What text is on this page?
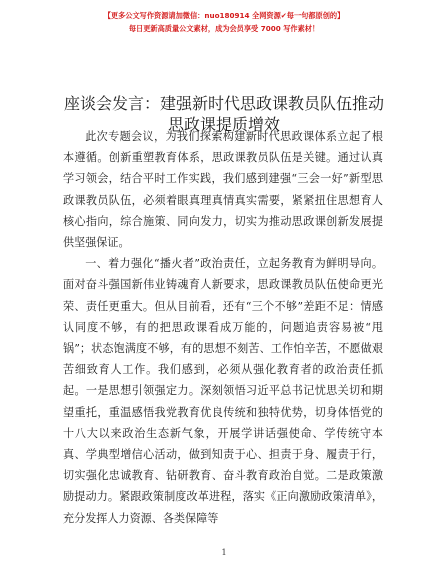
【更多公文写作资源请加微信：nuo180914 全网资源✔每一句都原创的】
每日更新高质量公文素材，成为会员享受 7000 写作素材！
座谈会发言：建强新时代思政课教员队伍推动
思政课提质增效

此次专题会议，为我们探索构建新时代思政课体系立起了根本遵循。创新重塑教育体系，思政课教员队伍是关键。通过认真学习领会，结合平时工作实践，我们感到建强“三会一好”新型思政课教员队伍，必须着眼真理真情真实需要，紧紧扭住思想育人核心指向，综合施策、同向发力，切实为推动思政课创新发展提供坚强保证。

一、着力强化“播火者”政治责任，立起务教育为鲜明导向。面对奋斗强国新伟业铸魂育人新要求，思政课教员队伍使命更光荣、责任更重大。但从目前看，还有“三个不够”差距不足：情感认同度不够，有的把思政课看成万能的，问题追责容易被“甩锅”；状态饱满度不够，有的思想不刻苦、工作怕辛苦，不愿做艰苦细致育人工作。我们感到，必须从强化教育者的政治责任抓起。一是思想引领强定力。深刻领悟习近平总书记忧思关切和期望重托，重温感悟我党教育优良传统和独特优势，切身体悟党的十八大以来政治生态新气象，开展学讲话强使命、学传统守本真、学典型增信心活动，做到知责于心、担责于身、履责于行，切实强化忠诚教育、钻研教育、奋斗教育政治自觉。二是政策激励提动力。紧跟政策制度改革进程，落实《正向激励政策清单》，充分发挥人力资源、各类保障等

1
